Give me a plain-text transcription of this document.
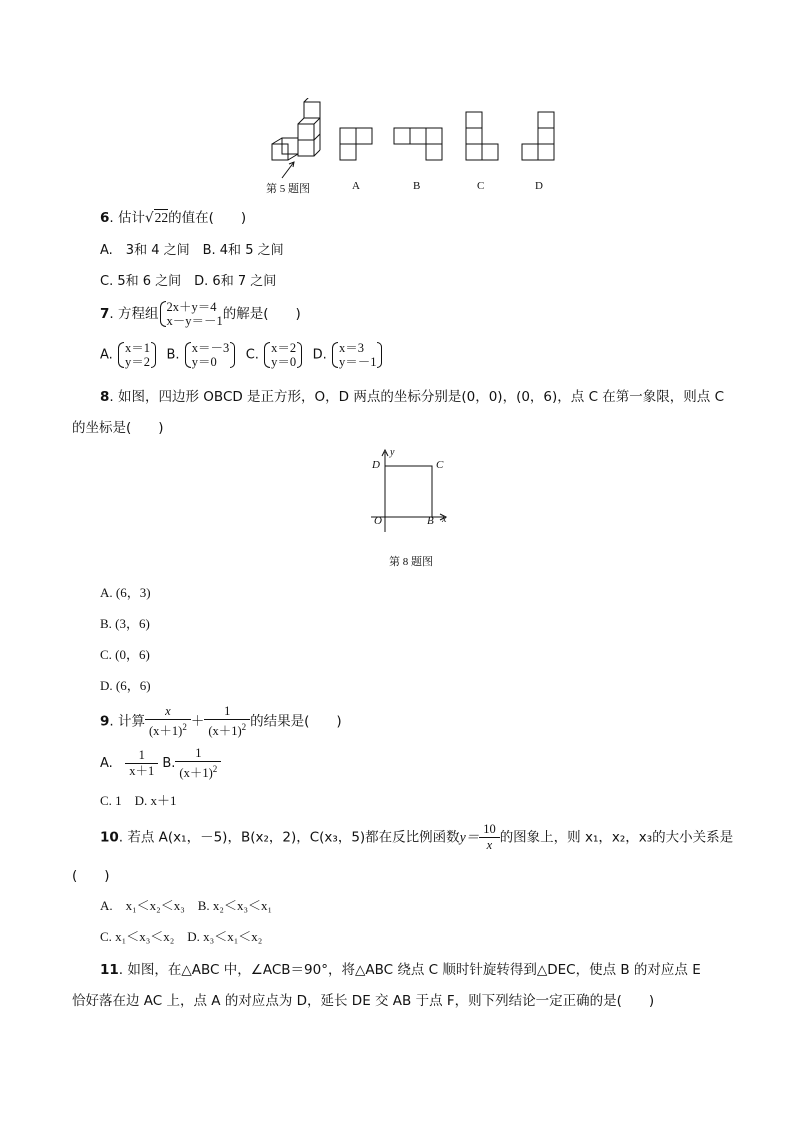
第 5 题图	A	B	C	D
6. 估计√22的值在(　　)
A.　3和 4 之间　B. 4和 5 之间
C. 5和 6 之间　D. 6和 7 之间
7. 方程组 2x＋y＝4
x－y＝－1 的解是(　　)
A. x＝1
y＝2 B. x＝－3
y＝0	C. x＝2
y＝0 D. x＝3
y＝－1
8. 如图，四边形 OBCD 是正方形，O，D 两点的坐标分别是(0，0)，(0，6)，点 C 在第一象限，则点 C
的坐标是(　　)
D	C
y
O	B x
第 8 题图
A. (6，3)
B. (3，6)
C. (0，6)
D. (6，6)
9. 计算 $\frac{x}{(x+1)^2} + \frac{1}{(x+1)^2}$ 的结果是(　　)
A. $\frac{1}{x+1} B$. $\frac{1}{(x+1)^2}$
C. 1　D. x＋1
10. 若点 A(x₁，－5)，B(x₂，2)，C(x₃，5)都在反比例函数$y= \frac{10}{x}$ 的图象上，则 x₁，x₂，x₃的大小关系是
(　　)
A.　x₁＜x₂＜x₃　B. x₂＜x₃＜x₁
C. x₁＜x₃＜x₂　D. x₃＜x₁＜x₂
11. 如图，在△ABC 中，∠ACB＝90°，将△ABC 绕点 C 顺时针旋转得到△DEC，使点 B 的对应点 E
恰好落在边 AC 上，点 A 的对应点为 D，延长 DE 交 AB 于点 F，则下列结论一定正确的是(　　)
